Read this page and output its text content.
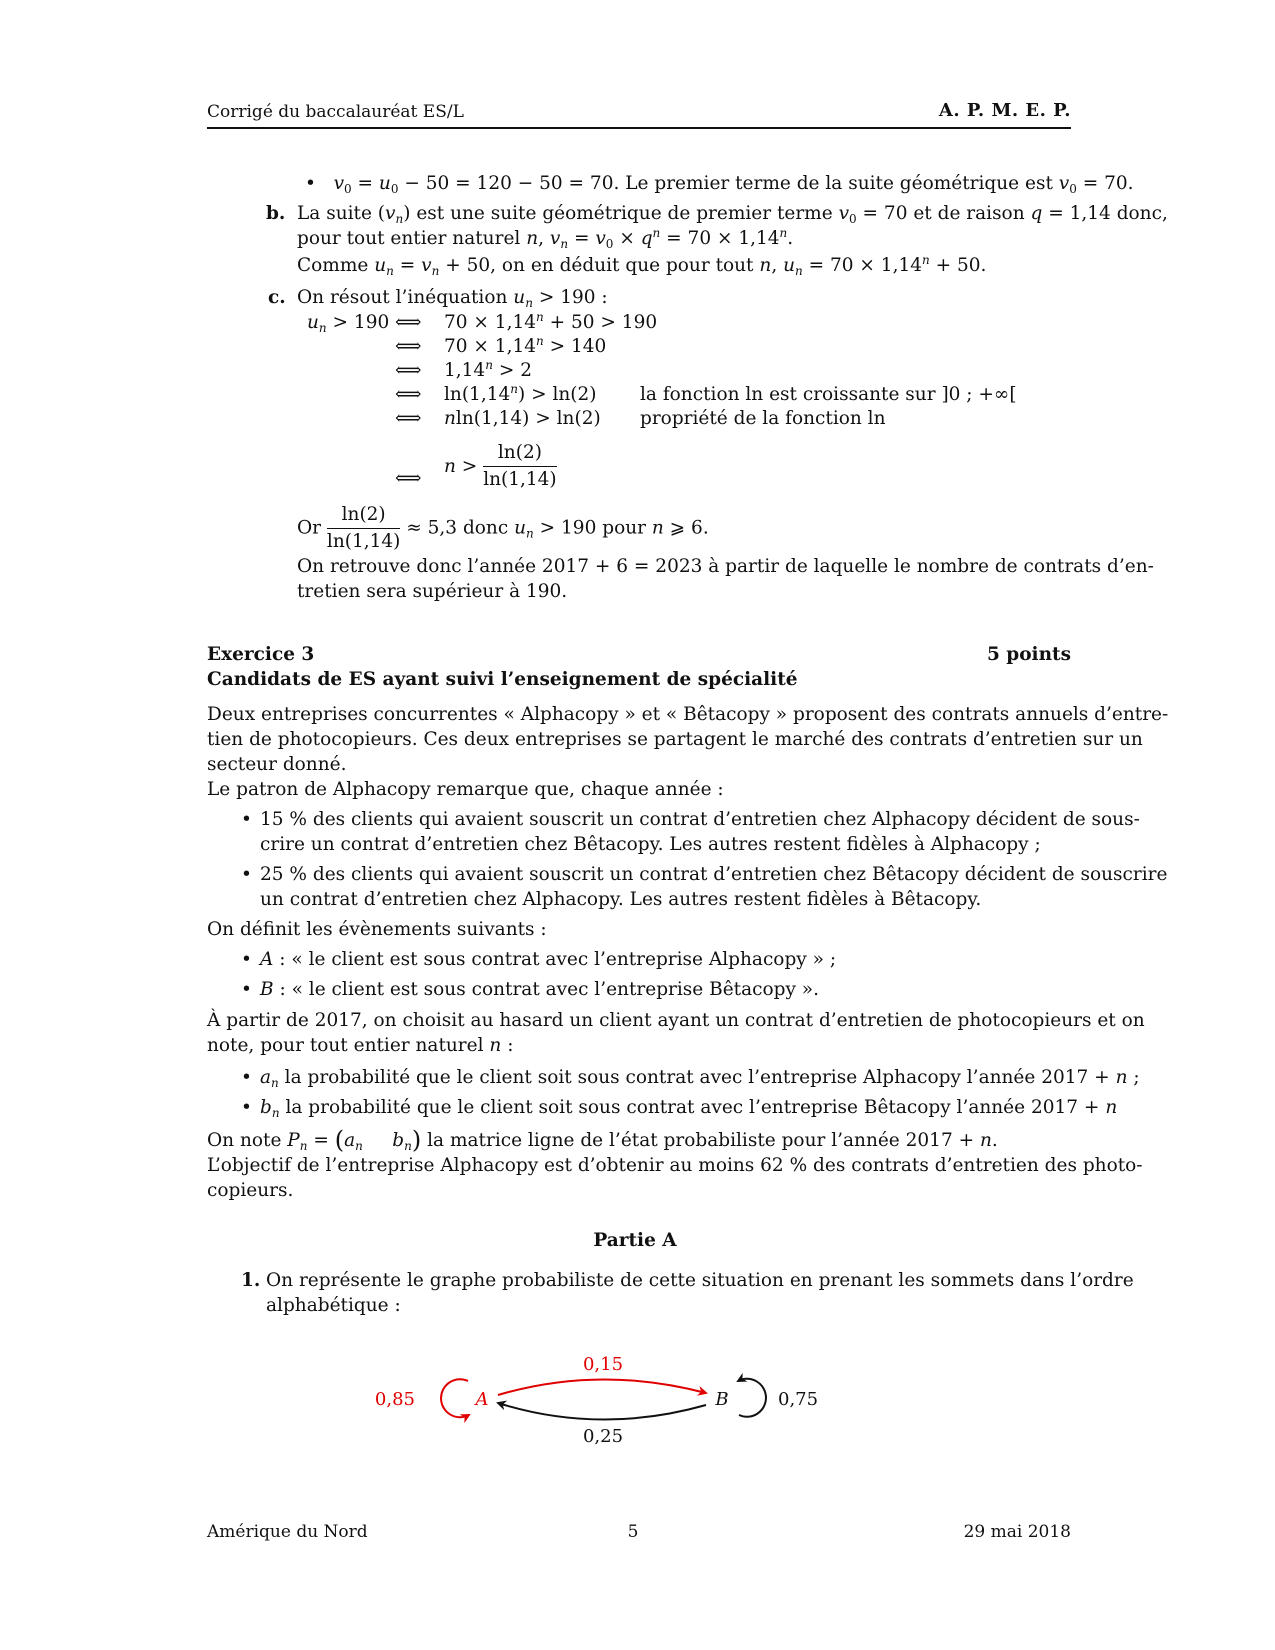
Corrigé du baccalauréat ES/L	A. P. M. E. P.
•   $v_0 = u_0 - 50 = 120 - 50 = 70$. Le premier terme de la suite géométrique est $v_0 = 70$.
b. La suite $(v_n)$ est une suite géométrique de premier terme $v_0 = 70$ et de raison q = 1,14 donc,
pour tout entier naturel n, $v_n = v_0 \times q^n = 70 \times 1,14^n$.
Comme $u_n = v_n + 50$, on en déduit que pour tout n, $u_n = 70 \times 1,14^n + 50$.
c. On résout l’inéquation $u_n > 190$ :
$u_n > 190$ ⟺ $70 \times 1,14^n + 50 > 190$
⟺ $70 \times 1,14^n > 140$
⟺ $1,14^n > 2$
⟺ $\ln(1,14^n) > \ln(2)$ la fonction ln est croissante sur ]0 ; +∞[
⟺ nln(1,14) > ln(2) propriété de la fonction ln
⟺
$n > \frac{\ln(2)}{\ln(1,14)}$
Or $\frac{\ln(2)}{\ln(1,14)} \approx 5,3$ donc $u_n > 190$ pour n ⩾ 6.
On retrouve donc l’année 2017 + 6 = 2023 à partir de laquelle le nombre de contrats d’en-
tretien sera supérieur à 190.
Exercice 3	5 points
Candidats de ES ayant suivi l’enseignement de spécialité
Deux entreprises concurrentes « Alphacopy » et « Bêtacopy » proposent des contrats annuels d’entre-
tien de photocopieurs. Ces deux entreprises se partagent le marché des contrats d’entretien sur un
secteur donné.
Le patron de Alphacopy remarque que, chaque année :
• 15 % des clients qui avaient souscrit un contrat d’entretien chez Alphacopy décident de sous-
crire un contrat d’entretien chez Bêtacopy. Les autres restent fidèles à Alphacopy ;
• 25 % des clients qui avaient souscrit un contrat d’entretien chez Bêtacopy décident de souscrire
un contrat d’entretien chez Alphacopy. Les autres restent fidèles à Bêtacopy.
On définit les évènements suivants :
• A : « le client est sous contrat avec l’entreprise Alphacopy » ;
• B : « le client est sous contrat avec l’entreprise Bêtacopy ».
À partir de 2017, on choisit au hasard un client ayant un contrat d’entretien de photocopieurs et on
note, pour tout entier naturel n :
• $a_n$ la probabilité que le client soit sous contrat avec l’entreprise Alphacopy l’année 2017 + n ;
• $b_n$ la probabilité que le client soit sous contrat avec l’entreprise Bêtacopy l’année 2017 + n
On note $P_n = (a_n$ $b_n$) la matrice ligne de l’état probabiliste pour l’année 2017 + n.
L’objectif de l’entreprise Alphacopy est d’obtenir au moins 62 % des contrats d’entretien des photo-
copieurs.
Partie A
1. On représente le graphe probabiliste de cette situation en prenant les sommets dans l’ordre
alphabétique :
A	B
0,85	0,75
0,15
0,25
Amérique du Nord	5	29 mai 2018
